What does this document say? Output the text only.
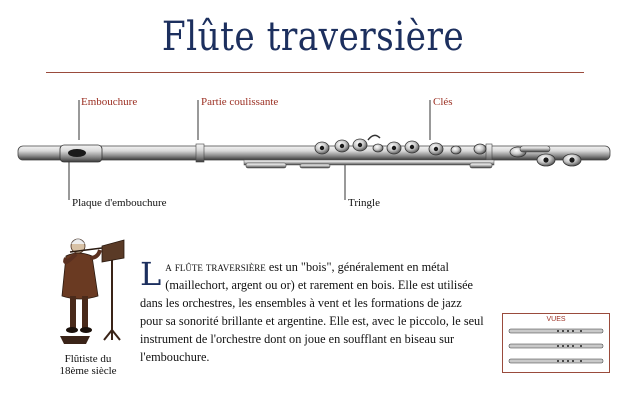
Flûte traversière
Embouchure	Partie coulissante	Clés
Plaque d'embouchure	Tringle
Flûtiste du
18ème siècle
La flûte traversière est un "bois", généralement en métal (maillechort, argent ou or) et rarement en bois. Elle est utilisée dans les orchestres, les ensembles à vent et les formations de jazz pour sa sonorité brillante et argentine. Elle est, avec le piccolo, le seul instrument de l'orchestre dont on joue en soufflant en biseau sur l'embouchure.
VUES
